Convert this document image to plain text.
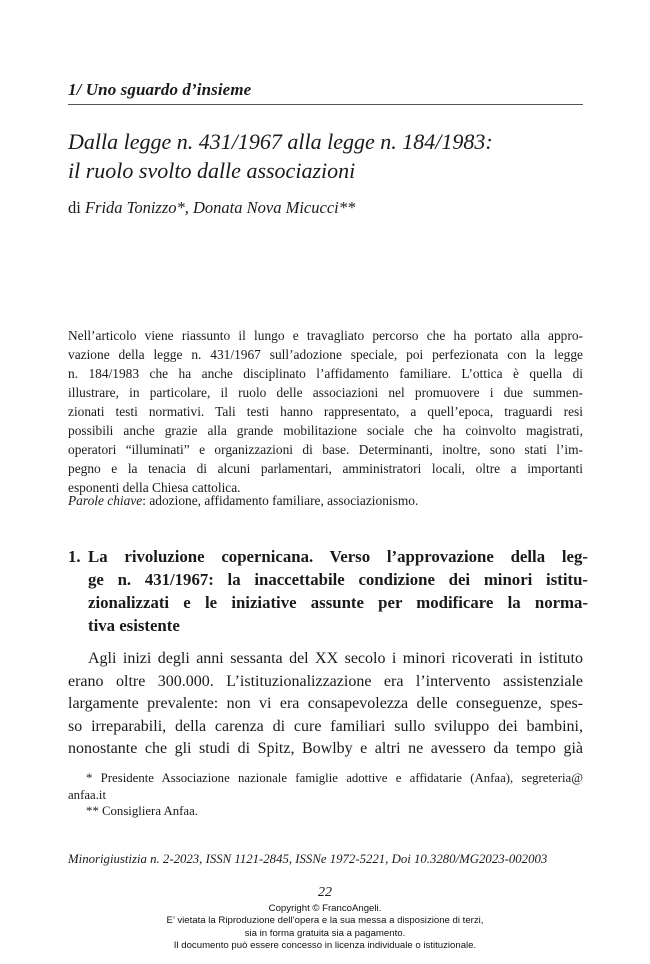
1/ Uno sguardo d’insieme
Dalla legge n. 431/1967 alla legge n. 184/1983:
il ruolo svolto dalle associazioni
di Frida Tonizzo*, Donata Nova Micucci**
Nell’articolo viene riassunto il lungo e travagliato percorso che ha portato alla appro-
vazione della legge n. 431/1967 sull’adozione speciale, poi perfezionata con la legge
n. 184/1983 che ha anche disciplinato l’affidamento familiare. L’ottica è quella di
illustrare, in particolare, il ruolo delle associazioni nel promuovere i due summen-
zionati testi normativi. Tali testi hanno rappresentato, a quell’epoca, traguardi resi
possibili anche grazie alla grande mobilitazione sociale che ha coinvolto magistrati,
operatori “illuminati” e organizzazioni di base. Determinanti, inoltre, sono stati l’im-
pegno e la tenacia di alcuni parlamentari, amministratori locali, oltre a importanti
esponenti della Chiesa cattolica.
Parole chiave: adozione, affidamento familiare, associazionismo.
1. La rivoluzione copernicana. Verso l’approvazione della leg-
ge n. 431/1967: la inaccettabile condizione dei minori istitu-
zionalizzati e le iniziative assunte per modificare la norma-
tiva esistente
Agli inizi degli anni sessanta del XX secolo i minori ricoverati in istituto
erano oltre 300.000. L’istituzionalizzazione era l’intervento assistenziale
largamente prevalente: non vi era consapevolezza delle conseguenze, spes-
so irreparabili, della carenza di cure familiari sullo sviluppo dei bambini,
nonostante che gli studi di Spitz, Bowlby e altri ne avessero da tempo già
* Presidente Associazione nazionale famiglie adottive e affidatarie (Anfaa), segreteria@
anfaa.it
** Consigliera Anfaa.
Minorigiustizia n. 2-2023, ISSN 1121-2845, ISSNe 1972-5221, Doi 10.3280/MG2023-002003
22
Copyright © FrancoAngeli.
E’ vietata la Riproduzione dell’opera e la sua messa a disposizione di terzi,
sia in forma gratuita sia a pagamento.
Il documento può essere concesso in licenza individuale o istituzionale.
